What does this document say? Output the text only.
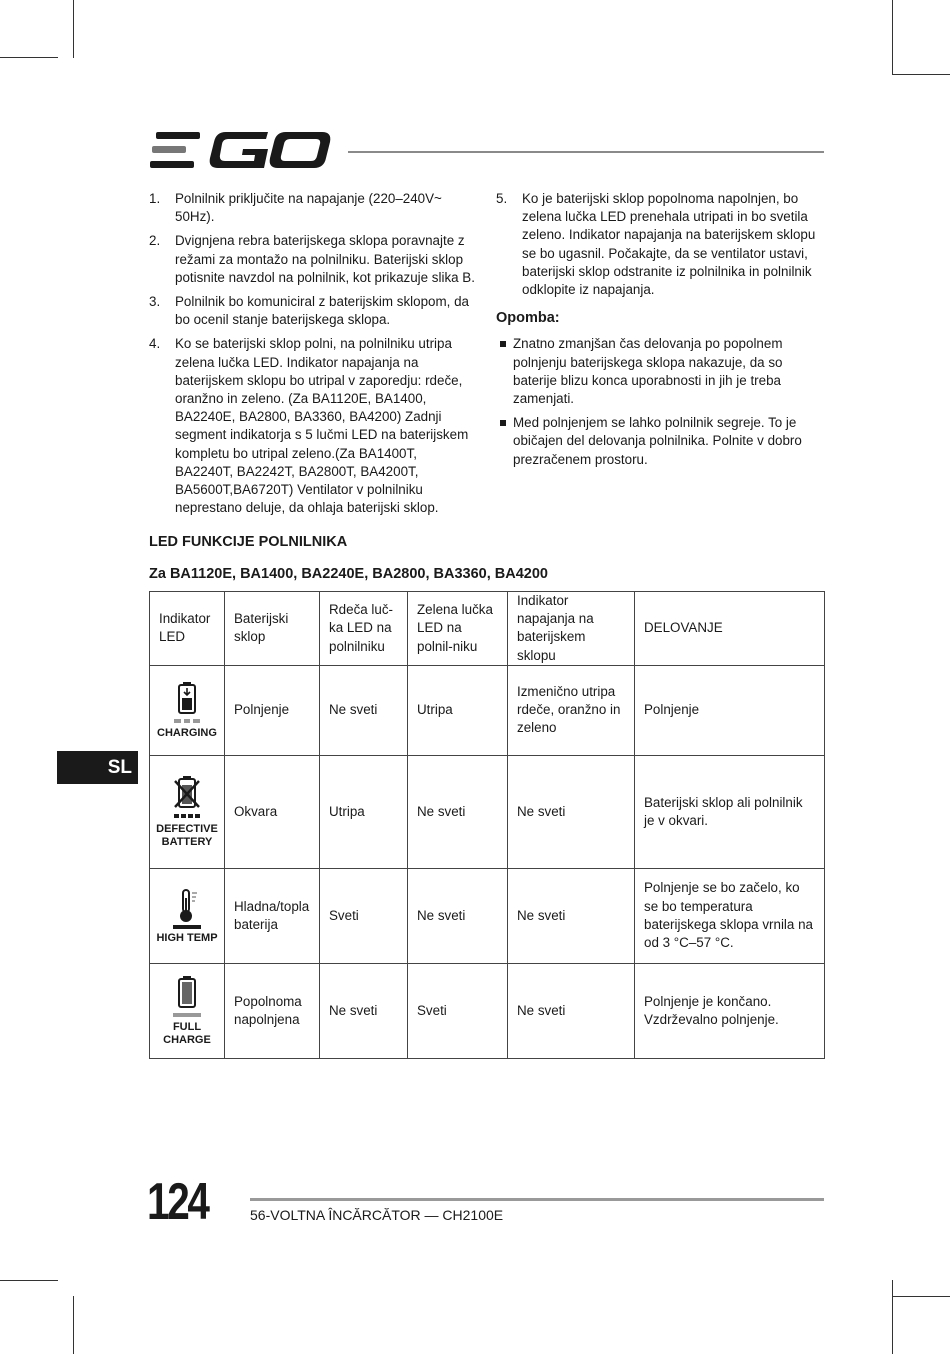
1. Polnilnik priključite na napajanje (220–240V~ 50Hz).
2. Dvignjena rebra baterijskega sklopa poravnajte z režami za montažo na polnilniku. Baterijski sklop potisnite navzdol na polnilnik, kot prikazuje slika B.
3. Polnilnik bo komuniciral z baterijskim sklopom, da bo ocenil stanje baterijskega sklopa.
4. Ko se baterijski sklop polni, na polnilniku utripa zelena lučka LED. Indikator napajanja na baterijskem sklopu bo utripal v zaporedju: rdeče, oranžno in zeleno. (Za BA1120E, BA1400, BA2240E, BA2800, BA3360, BA4200) Zadnji segment indikatorja s 5 lučmi LED na baterijskem kompletu bo utripal zeleno.(Za BA1400T, BA2240T, BA2242T, BA2800T, BA4200T, BA5600T,BA6720T) Ventilator v polnilniku neprestano deluje, da ohlaja baterijski sklop.
5. Ko je baterijski sklop popolnoma napolnjen, bo zelena lučka LED prenehala utripati in bo svetila zeleno. Indikator napajanja na baterijskem sklopu se bo ugasnil. Počakajte, da se ventilator ustavi, baterijski sklop odstranite iz polnilnika in polnilnik odklopite iz napajanja.
Opomba:
Znatno zmanjšan čas delovanja po popolnem polnjenju baterijskega sklopa nakazuje, da so baterije blizu konca uporabnosti in jih je treba zamenjati.
Med polnjenjem se lahko polnilnik segreje. To je običajen del delovanja polnilnika. Polnite v dobro prezračenem prostoru.
LED FUNKCIJE POLNILNIKA
Za BA1120E, BA1400, BA2240E, BA2800, BA3360, BA4200
SL
Indikator LED	Baterijski sklop	Rdeča luč-ka LED na polnilniku	Zelena lučka LED na polnil-niku	Indikator napajanja na baterijskem sklopu	DELOVANJE

CHARGING	Polnjenje	Ne sveti	Utripa	Izmenično utripa rdeče, oranžno in zeleno	Polnjenje

DEFECTIVE BATTERY	Okvara	Utripa	Ne sveti	Ne sveti	Baterijski sklop ali polnilnik je v okvari.

HIGH TEMP	Hladna/topla baterija	Sveti	Ne sveti	Ne sveti	Polnjenje se bo začelo, ko se bo temperatura baterijskega sklopa vrnila na od 3 °C–57 °C.

FULL CHARGE	Popolnoma napolnjena	Ne sveti	Sveti	Ne sveti	Polnjenje je končano. Vzdrževalno polnjenje.
124	56-VOLTNA ÎNCĂRCĂTOR — CH2100E
